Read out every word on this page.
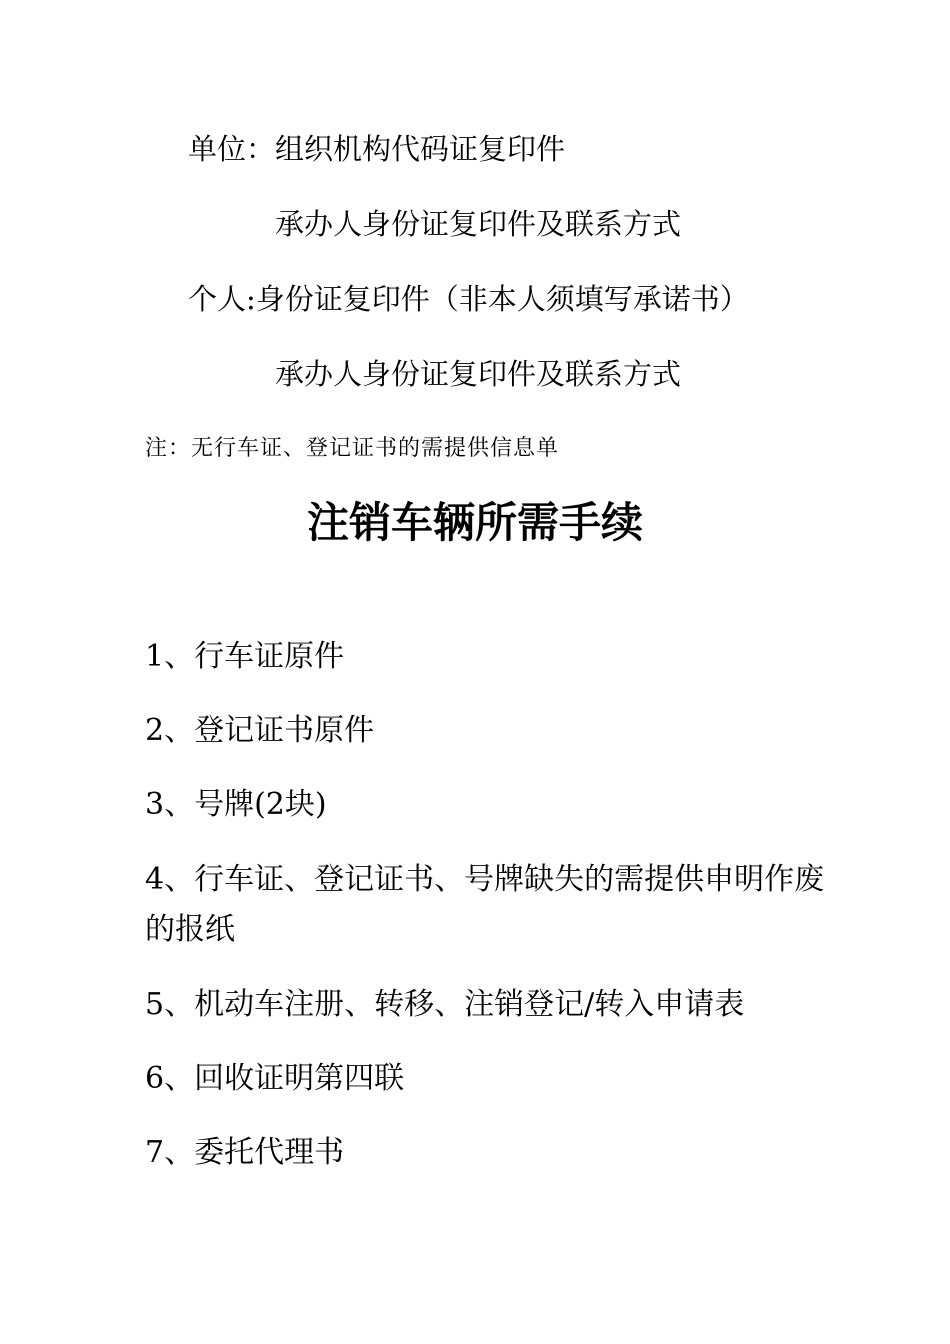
单位：组织机构代码证复印件
承办人身份证复印件及联系方式
个人:身份证复印件（非本人须填写承诺书）
承办人身份证复印件及联系方式
注：无行车证、登记证书的需提供信息单
注销车辆所需手续
1、行车证原件
2、登记证书原件
3、号牌(2块)
4、行车证、登记证书、号牌缺失的需提供申明作废的报纸
5、机动车注册、转移、注销登记/转入申请表
6、回收证明第四联
7、委托代理书
